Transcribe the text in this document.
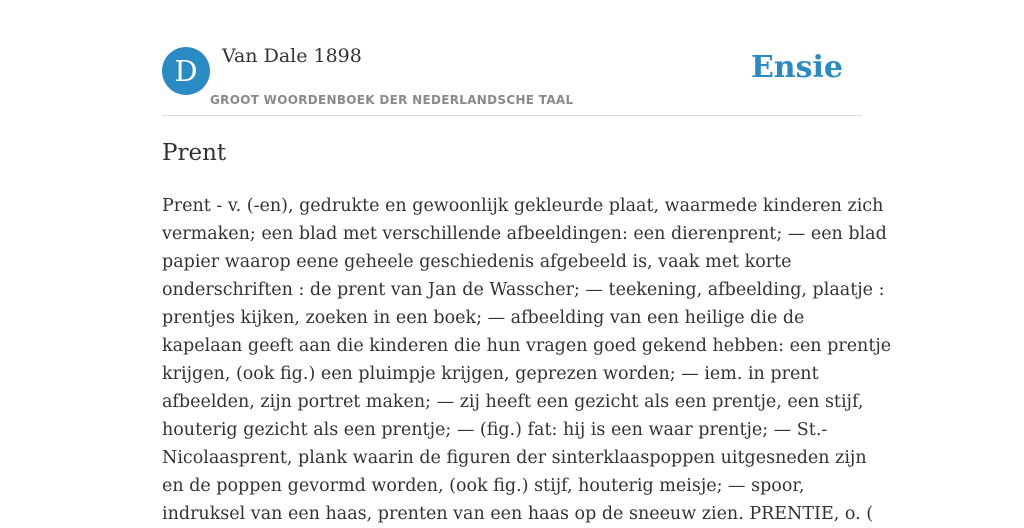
D	Van Dale 1898
GROOT WOORDENBOEK DER NEDERLANDSCHE TAAL
Ensie
Prent

Prent - v. (-en), gedrukte en gewoonlijk gekleurde plaat, waarmede kinderen zich
vermaken; een blad met verschillende afbeeldingen: een dierenprent; — een blad
papier waarop eene geheele geschiedenis afgebeeld is, vaak met korte
onderschriften : de prent van Jan de Wasscher; — teekening, afbeelding, plaatje :
prentjes kijken, zoeken in een boek; — afbeelding van een heilige die de
kapelaan geeft aan die kinderen die hun vragen goed gekend hebben: een prentje
krijgen, (ook fig.) een pluimpje krijgen, geprezen worden; — iem. in prent
afbeelden, zijn portret maken; — zij heeft een gezicht als een prentje, een stijf,
houterig gezicht als een prentje; — (fig.) fat: hij is een waar prentje; — St.-
Nicolaasprent, plank waarin de figuren der sinterklaaspoppen uitgesneden zijn
en de poppen gevormd worden, (ook fig.) stijf, houterig meisje; — spoor,
indruksel van een haas, prenten van een haas op de sneeuw zien. PRENTIE, o. (
